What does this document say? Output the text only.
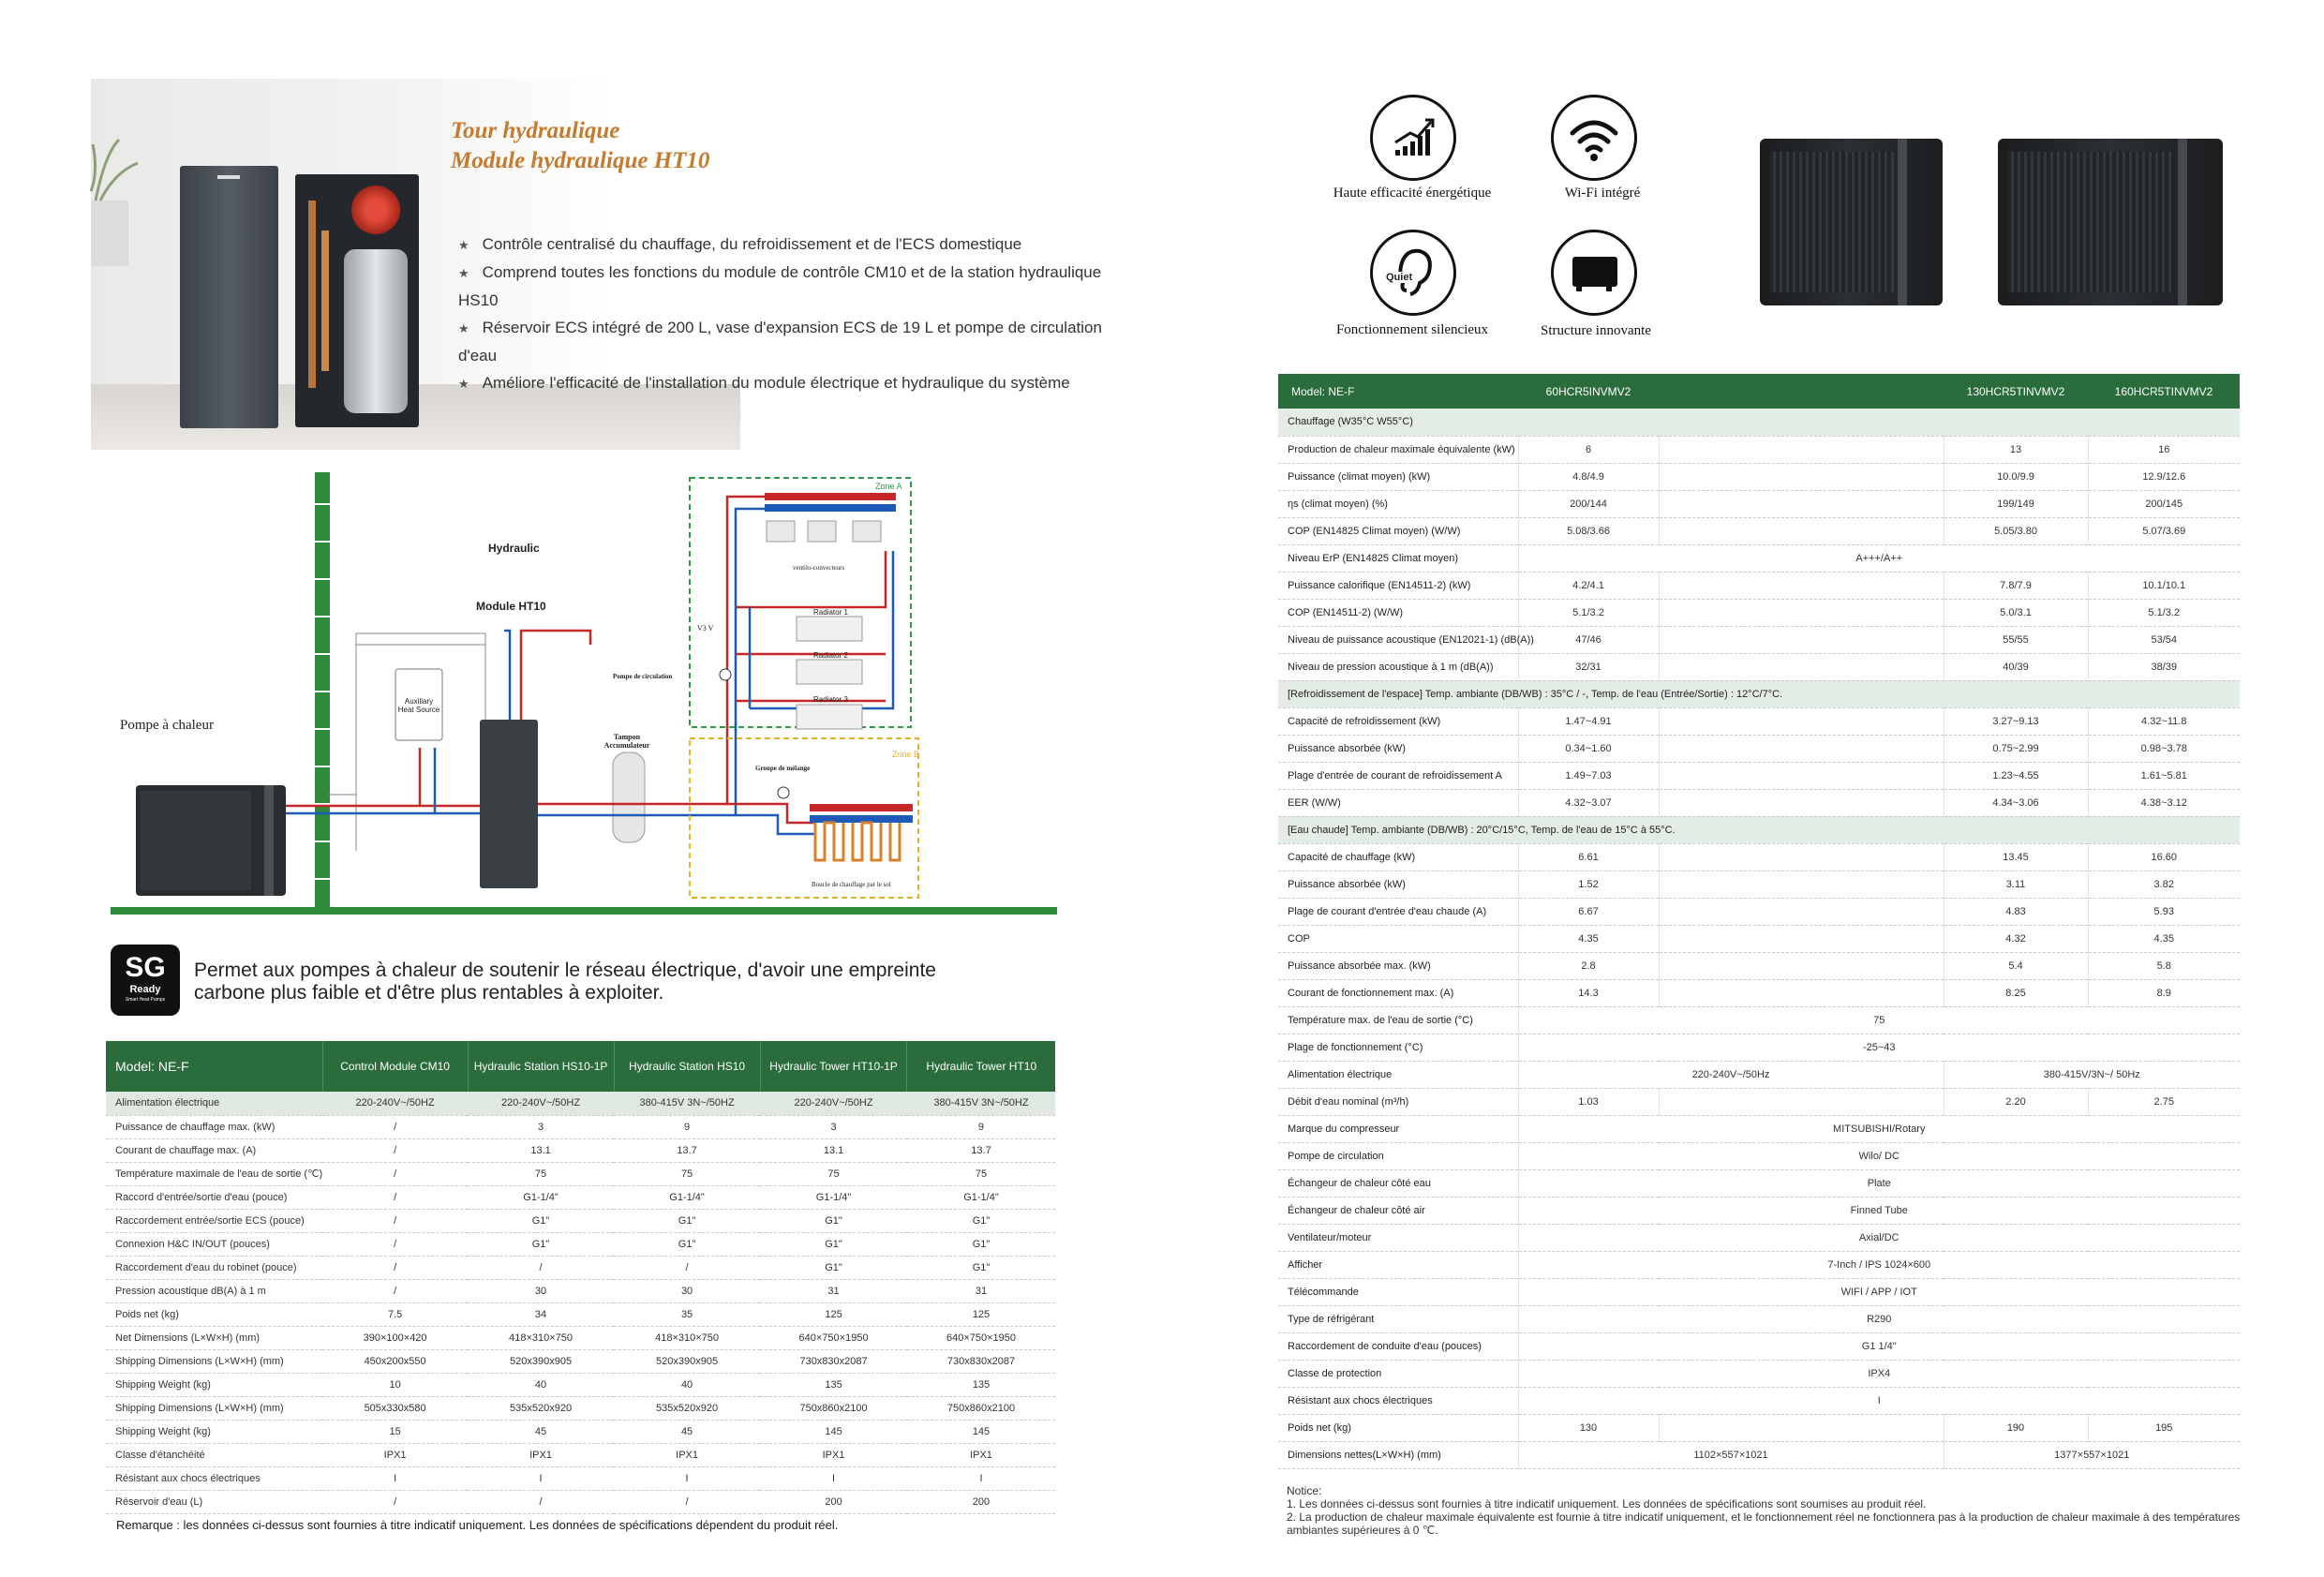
Tour hydraulique
Module hydraulique HT10
★ Contrôle centralisé du chauffage, du refroidissement et de l'ECS domestique
★ Comprend toutes les fonctions du module de contrôle CM10 et de la station hydraulique HS10
★ Réservoir ECS intégré de 200 L, vase d'expansion ECS de 19 L et pompe de circulation d'eau
★ Améliore l'efficacité de l'installation du module électrique et hydraulique du système
Hydraulic
Module HT10
Pompe à chaleur
Auxiliary
Heat Source
Tampon
Accumulateur
Pompe de circulation
V3 V
Zone A
Zone B
ventilo-convecteurs
Radiator 1
Radiator 2
Radiator 3
Groupe de mélange
Boucle de chauffage par le sol
SG
Ready
Smart Heat Pumps
Permet aux pompes à chaleur de soutenir le réseau électrique, d'avoir une empreinte
carbone plus faible et d'être plus rentables à exploiter.
Model: NE-F	Control Module CM10	Hydraulic Station HS10-1P	Hydraulic Station HS10	Hydraulic Tower HT10-1P	Hydraulic Tower HT10
Alimentation électrique	220-240V~/50HZ	220-240V~/50HZ	380-415V 3N~/50HZ	220-240V~/50HZ	380-415V 3N~/50HZ
Puissance de chauffage max. (kW)	/	3	9	3	9
Courant de chauffage max. (A)	/	13.1	13.7	13.1	13.7
Température maximale de l'eau de sortie (℃)	/	75	75	75	75
Raccord d'entrée/sortie d'eau (pouce)	/	G1-1/4"	G1-1/4"	G1-1/4"	G1-1/4"
Raccordement entrée/sortie ECS (pouce)	/	G1"	G1"	G1"	G1"
Connexion H&C IN/OUT (pouces)	/	G1"	G1"	G1"	G1"
Raccordement d'eau du robinet (pouce)	/	/	/	G1"	G1"
Pression acoustique dB(A) à 1 m	/	30	30	31	31
Poids net (kg)	7.5	34	35	125	125
Net Dimensions (L×W×H) (mm)	390×100×420	418×310×750	418×310×750	640×750×1950	640×750×1950
Shipping Dimensions (L×W×H) (mm)	450x200x550	520x390x905	520x390x905	730x830x2087	730x830x2087
Shipping Weight (kg)	10	40	40	135	135
Shipping Dimensions (L×W×H) (mm)	505x330x580	535x520x920	535x520x920	750x860x2100	750x860x2100
Shipping Weight (kg)	15	45	45	145	145
Classe d'étanchéité	IPX1	IPX1	IPX1	IPX1	IPX1
Résistant aux chocs électriques	I	I	I	I	I
Réservoir d'eau (L)	/	/	/	200	200
Remarque : les données ci-dessus sont fournies à titre indicatif uniquement. Les données de spécifications dépendent du produit réel.
Haute efficacité énergétique	Wi-Fi intégré
Quiet
Fonctionnement silencieux	Structure innovante
Model: NE-F	60HCR5INVMV2		130HCR5TINVMV2	160HCR5TINVMV2
Chauffage (W35°C W55°C)				
Production de chaleur maximale équivalente (kW)	6		13	16
Puissance (climat moyen) (kW)	4.8/4.9		10.0/9.9	12.9/12.6
ηs (climat moyen) (%)	200/144		199/149	200/145
COP (EN14825 Climat moyen) (W/W)	5.08/3.66		5.05/3.80	5.07/3.69
Niveau ErP (EN14825 Climat moyen)	A+++/A++			
Puissance calorifique (EN14511-2) (kW)	4.2/4.1		7.8/7.9	10.1/10.1
COP (EN14511-2) (W/W)	5.1/3.2		5.0/3.1	5.1/3.2
Niveau de puissance acoustique (EN12021-1) (dB(A))	47/46		55/55	53/54
Niveau de pression acoustique à 1 m (dB(A))	32/31		40/39	38/39
[Refroidissement de l'espace] Temp. ambiante (DB/WB) : 35°C / -, Temp. de l'eau (Entrée/Sortie) : 12°C/7°C.				
Capacité de refroidissement (kW)	1.47~4.91		3.27~9.13	4.32~11.8
Puissance absorbée (kW)	0.34~1.60		0.75~2.99	0.98~3.78
Plage d'entrée de courant de refroidissement A	1.49~7.03		1.23~4.55	1.61~5.81
EER (W/W)	4.32~3.07		4.34~3.06	4.38~3.12
[Eau chaude] Temp. ambiante (DB/WB) : 20°C/15°C, Temp. de l'eau de 15°C à 55°C.				
Capacité de chauffage (kW)	6.61		13.45	16.60
Puissance absorbée (kW)	1.52		3.11	3.82
Plage de courant d'entrée d'eau chaude (A)	6.67		4.83	5.93
COP	4.35		4.32	4.35
Puissance absorbée max. (kW)	2.8		5.4	5.8
Courant de fonctionnement max. (A)	14.3		8.25	8.9
Température max. de l'eau de sortie (°C)	75			
Plage de fonctionnement (°C)	-25~43			
Alimentation électrique	220-240V~/50Hz		380-415V/3N~/ 50Hz	
Débit d'eau nominal (m³/h)	1.03		2.20	2.75
Marque du compresseur	MITSUBISHI/Rotary			
Pompe de circulation	Wilo/ DC			
Échangeur de chaleur côté eau	Plate			
Échangeur de chaleur côté air	Finned Tube			
Ventilateur/moteur	Axial/DC			
Afficher	7-Inch / IPS 1024×600			
Télécommande	WIFI / APP / IOT			
Type de réfrigérant	R290			
Raccordement de conduite d'eau (pouces)	G1 1/4"			
Classe de protection	IPX4			
Résistant aux chocs électriques	I			
Poids net (kg)	130		190	195
Dimensions nettes(L×W×H) (mm)	1102×557×1021		1377×557×1021	
Notice:
1. Les données ci-dessus sont fournies à titre indicatif uniquement. Les données de spécifications sont soumises au produit réel.
2. La production de chaleur maximale équivalente est fournie à titre indicatif uniquement, et le fonctionnement réel ne fonctionnera pas à la production de chaleur maximale à des températures ambiantes supérieures à 0 ℃.
